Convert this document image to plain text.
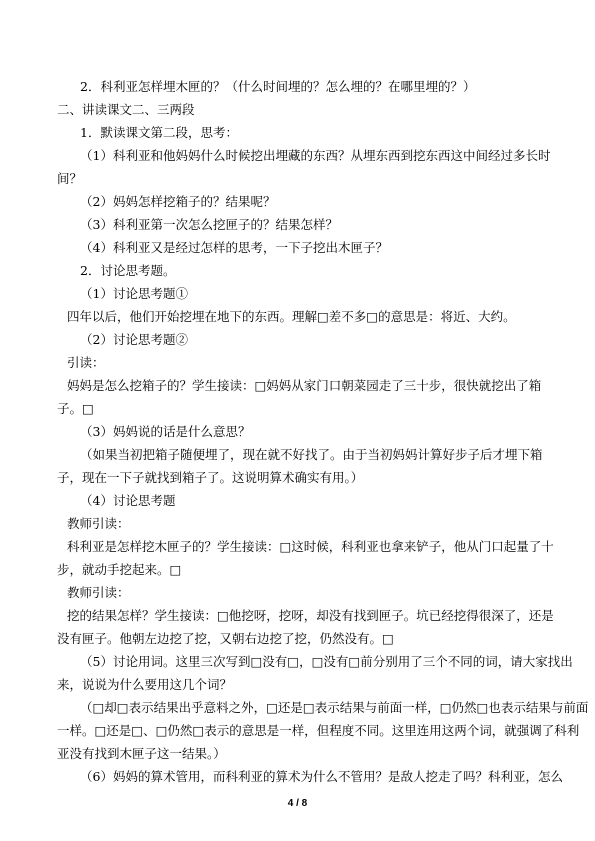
2．科利亚怎样埋木匣的？（什么时间埋的？怎么埋的？在哪里埋的？）
二、讲读课文二、三两段
1．默读课文第二段，思考：
（1）科利亚和他妈妈什么时候挖出埋藏的东西？从埋东西到挖东西这中间经过多长时
间？
（2）妈妈怎样挖箱子的？结果呢？
（3）科利亚第一次怎么挖匣子的？结果怎样？
（4）科利亚又是经过怎样的思考，一下子挖出木匣子？
2．讨论思考题。
（1）讨论思考题①
四年以后，他们开始挖埋在地下的东西。理解□差不多□的意思是：将近、大约。
（2）讨论思考题②
引读：
妈妈是怎么挖箱子的？学生接读：□妈妈从家门口朝菜园走了三十步，很快就挖出了箱
子。□
（3）妈妈说的话是什么意思？
（如果当初把箱子随便埋了，现在就不好找了。由于当初妈妈计算好步子后才埋下箱
子，现在一下子就找到箱子了。这说明算术确实有用。）
（4）讨论思考题
教师引读：
科利亚是怎样挖木匣子的？学生接读：□这时候，科利亚也拿来铲子，他从门口起量了十
步，就动手挖起来。□
教师引读：
挖的结果怎样？学生接读：□他挖呀，挖呀，却没有找到匣子。坑已经挖得很深了，还是
没有匣子。他朝左边挖了挖，又朝右边挖了挖，仍然没有。□
（5）讨论用词。这里三次写到□没有□，□没有□前分别用了三个不同的词，请大家找出
来，说说为什么要用这几个词？
（□却□表示结果出乎意料之外，□还是□表示结果与前面一样，□仍然□也表示结果与前面
一样。□还是□、□仍然□表示的意思是一样，但程度不同。这里连用这两个词，就强调了科利
亚没有找到木匣子这一结果。）
（6）妈妈的算术管用，而科利亚的算术为什么不管用？是敌人挖走了吗？科利亚，怎么
4 / 8
